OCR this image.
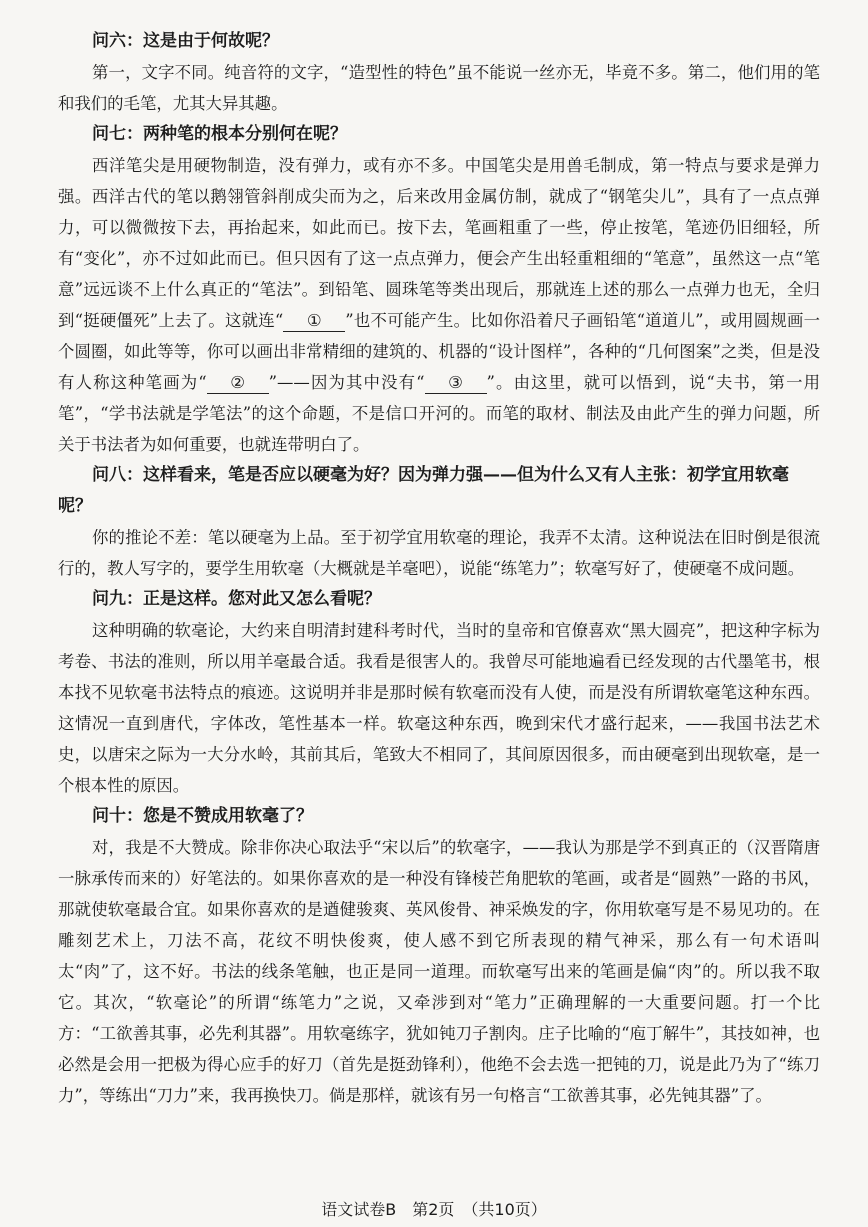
问六：这是由于何故呢？

第一，文字不同。纯音符的文字，“造型性的特色”虽不能说一丝亦无，毕竟不多。第二，他们用的笔和我们的毛笔，尤其大异其趣。

问七：两种笔的根本分别何在呢？

西洋笔尖是用硬物制造，没有弹力，或有亦不多。中国笔尖是用兽毛制成，第一特点与要求是弹力强。西洋古代的笔以鹅翎管斜削成尖而为之，后来改用金属仿制，就成了“钢笔尖儿”，具有了一点点弹力，可以微微按下去，再抬起来，如此而已。按下去，笔画粗重了一些，停止按笔，笔迹仍旧细轻，所有“变化”，亦不过如此而已。但只因有了这一点点弹力，便会产生出轻重粗细的“笔意”，虽然这一点“笔意”远远谈不上什么真正的“笔法”。到铅笔、圆珠笔等类出现后，那就连上述的那么一点弹力也无，全归到“挺硬僵死”上去了。这就连“ ① ”也不可能产生。比如你沿着尺子画铅笔“道道儿”，或用圆规画一个圆圈，如此等等，你可以画出非常精细的建筑的、机器的“设计图样”，各种的“几何图案”之类，但是没有人称这种笔画为“ ② ”——因为其中没有“ ③ ”。由这里，就可以悟到，说“夫书，第一用笔”，“学书法就是学笔法”的这个命题，不是信口开河的。而笔的取材、制法及由此产生的弹力问题，所关于书法者为如何重要，也就连带明白了。

问八：这样看来，笔是否应以硬毫为好？因为弹力强——但为什么又有人主张：初学宜用软毫呢？

你的推论不差：笔以硬毫为上品。至于初学宜用软毫的理论，我弄不太清。这种说法在旧时倒是很流行的，教人写字的，要学生用软毫（大概就是羊毫吧），说能“练笔力”；软毫写好了，使硬毫不成问题。

问九：正是这样。您对此又怎么看呢？

这种明确的软毫论，大约来自明清封建科考时代，当时的皇帝和官僚喜欢“黑大圆亮”，把这种字标为考卷、书法的准则，所以用羊毫最合适。我看是很害人的。我曾尽可能地遍看已经发现的古代墨笔书，根本找不见软毫书法特点的痕迹。这说明并非是那时候有软毫而没有人使，而是没有所谓软毫笔这种东西。这情况一直到唐代，字体改，笔性基本一样。软毫这种东西，晚到宋代才盛行起来，——我国书法艺术史，以唐宋之际为一大分水岭，其前其后，笔致大不相同了，其间原因很多，而由硬毫到出现软毫，是一个根本性的原因。

问十：您是不赞成用软毫了？

对，我是不大赞成。除非你决心取法乎“宋以后”的软毫字，——我认为那是学不到真正的（汉晋隋唐一脉承传而来的）好笔法的。如果你喜欢的是一种没有锋棱芒角肥软的笔画，或者是“圆熟”一路的书风，那就使软毫最合宜。如果你喜欢的是遒健骏爽、英风俊骨、神采焕发的字，你用软毫写是不易见功的。在雕刻艺术上，刀法不高，花纹不明快俊爽，使人感不到它所表现的精气神采，那么有一句术语叫太“肉”了，这不好。书法的线条笔触，也正是同一道理。而软毫写出来的笔画是偏“肉”的。所以我不取它。其次，“软毫论”的所谓“练笔力”之说，又牵涉到对“笔力”正确理解的一大重要问题。打一个比方：“工欲善其事，必先利其器”。用软毫练字，犹如钝刀子割肉。庄子比喻的“庖丁解牛”，其技如神，也必然是会用一把极为得心应手的好刀（首先是挺劲锋利），他绝不会去选一把钝的刀，说是此乃为了“练刀力”，等练出“刀力”来，我再换快刀。倘是那样，就该有另一句格言“工欲善其事，必先钝其器”了。

语文试卷B　第2页　（共10页）
